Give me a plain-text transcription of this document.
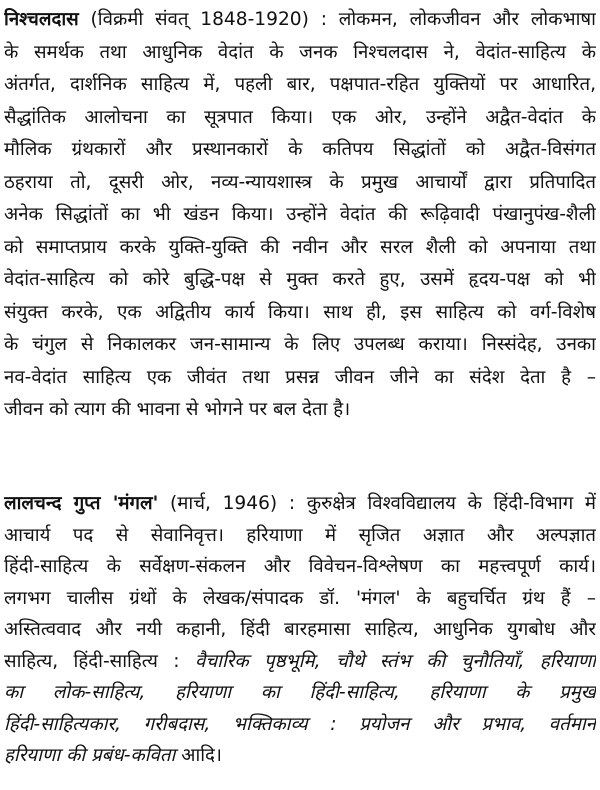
निश्चलदास (विक्रमी संवत् 1848-1920) : लोकमन, लोकजीवन और लोकभाषा
के समर्थक तथा आधुनिक वेदांत के जनक निश्चलदास ने, वेदांत-साहित्य के
अंतर्गत, दार्शनिक साहित्य में, पहली बार, पक्षपात-रहित युक्तियों पर आधारित,
सैद्धांतिक आलोचना का सूत्रपात किया। एक ओर, उन्होंने अद्वैत-वेदांत के
मौलिक ग्रंथकारों और प्रस्थानकारों के कतिपय सिद्धांतों को अद्वैत-विसंगत
ठहराया तो, दूसरी ओर, नव्य-न्यायशास्त्र के प्रमुख आचार्यों द्वारा प्रतिपादित
अनेक सिद्धांतों का भी खंडन किया। उन्होंने वेदांत की रूढ़िवादी पंखानुपंख-शैली
को समाप्तप्राय करके युक्ति-युक्ति की नवीन और सरल शैली को अपनाया तथा
वेदांत-साहित्य को कोरे बुद्धि-पक्ष से मुक्त करते हुए, उसमें हृदय-पक्ष को भी
संयुक्त करके, एक अद्वितीय कार्य किया। साथ ही, इस साहित्य को वर्ग-विशेष
के चंगुल से निकालकर जन-सामान्य के लिए उपलब्ध कराया। निस्संदेह, उनका
नव-वेदांत साहित्य एक जीवंत तथा प्रसन्न जीवन जीने का संदेश देता है –
जीवन को त्याग की भावना से भोगने पर बल देता है।
लालचन्द गुप्त 'मंगल' (मार्च, 1946) : कुरुक्षेत्र विश्वविद्यालय के हिंदी-विभाग में
आचार्य पद से सेवानिवृत्त। हरियाणा में सृजित अज्ञात और अल्पज्ञात
हिंदी-साहित्य के सर्वेक्षण-संकलन और विवेचन-विश्लेषण का महत्त्वपूर्ण कार्य।
लगभग चालीस ग्रंथों के लेखक/संपादक डॉ. 'मंगल' के बहुचर्चित ग्रंथ हैं –
अस्तित्ववाद और नयी कहानी, हिंदी बारहमासा साहित्य, आधुनिक युगबोध और
साहित्य, हिंदी-साहित्य : वैचारिक पृष्ठभूमि, चौथे स्तंभ की चुनौतियाँ, हरियाणा
का लोक-साहित्य, हरियाणा का हिंदी-साहित्य, हरियाणा के प्रमुख
हिंदी-साहित्यकार, गरीबदास, भक्तिकाव्य : प्रयोजन और प्रभाव, वर्तमान
हरियाणा की प्रबंध-कविता आदि।
